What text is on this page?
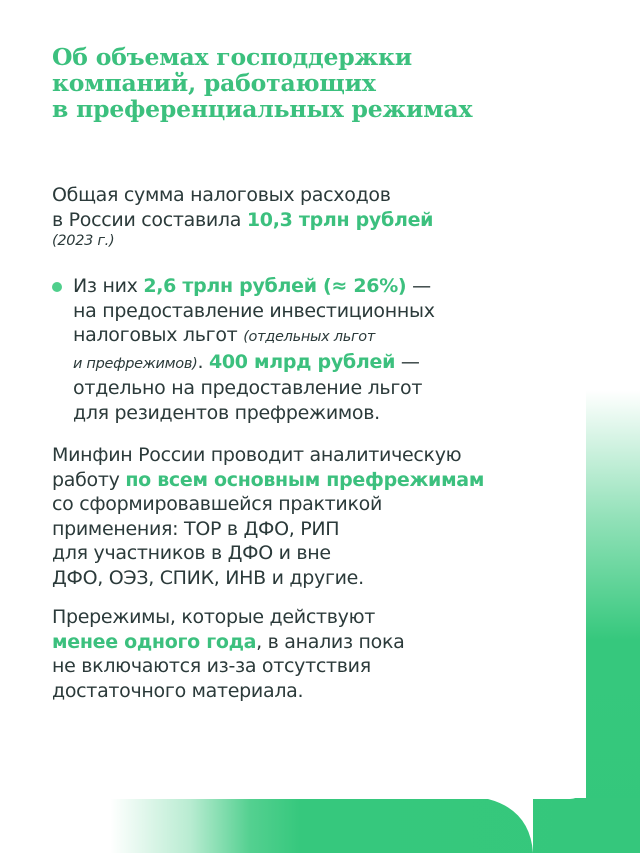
Об объемах господдержки
компаний, работающих
в преференциальных режимах
Общая сумма налоговых расходов
в России составила 10,3 трлн рублей
(2023 г.)
Из них 2,6 трлн рублей (≈ 26%) —
на предоставление инвестиционных
налоговых льгот (отдельных льгот
и префрежимов). 400 млрд рублей —
отдельно на предоставление льгот
для резидентов префрежимов.
Минфин России проводит аналитическую
работу по всем основным префрежимам
со сформировавшейся практикой
применения: ТОР в ДФО, РИП
для участников в ДФО и вне
ДФО, ОЭЗ, СПИК, ИНВ и другие.
Прережимы, которые действуют
менее одного года, в анализ пока
не включаются из-за отсутствия
достаточного материала.
